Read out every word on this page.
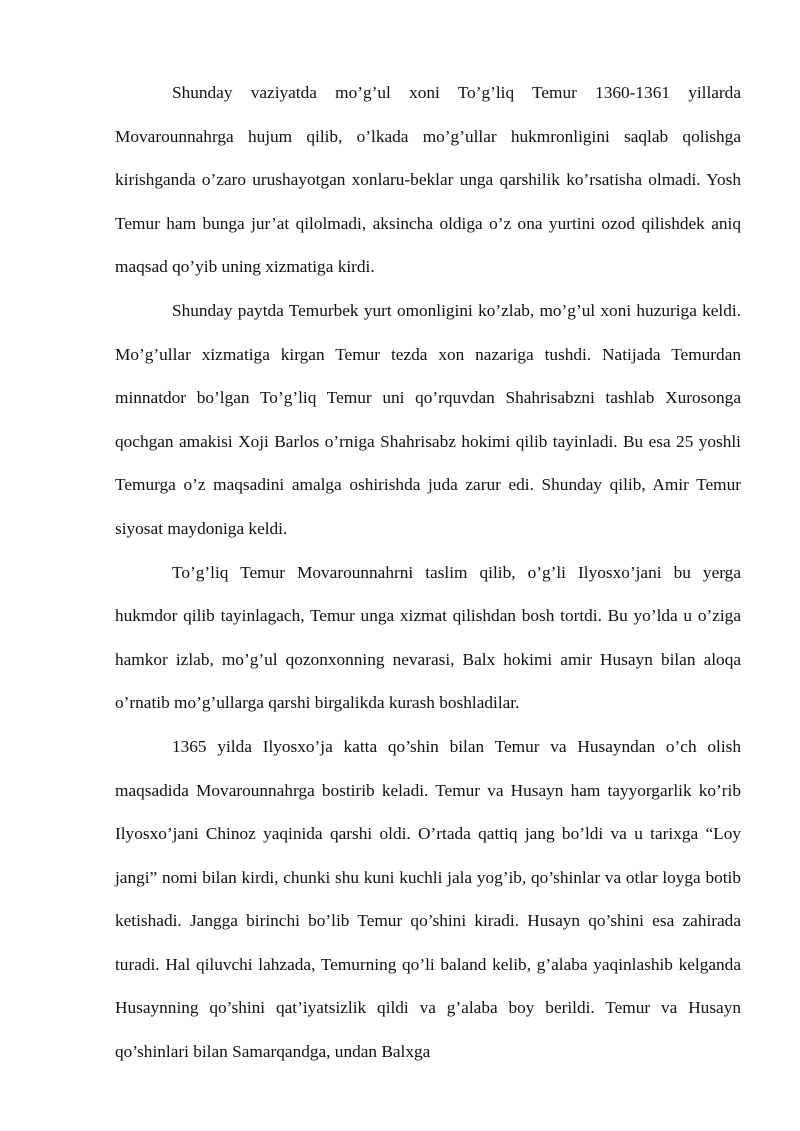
Shunday vaziyatda mo’g’ul xoni To’g’liq Temur 1360-1361 yillarda Movarounnahrga hujum qilib, o’lkada mo’g’ullar hukmronligini saqlab qolishga kirishganda o’zaro urushayotgan xonlaru-beklar unga qarshilik ko’rsatisha olmadi. Yosh Temur ham bunga jur’at qilolmadi, aksincha oldiga o’z ona yurtini ozod qilishdek aniq maqsad qo’yib uning xizmatiga kirdi.

Shunday paytda Temurbek yurt omonligini ko’zlab, mo’g’ul xoni huzuriga keldi. Mo’g’ullar xizmatiga kirgan Temur tezda xon nazariga tushdi. Natijada Temurdan minnatdor bo’lgan To’g’liq Temur uni qo’rquvdan Shahrisabzni tashlab Xurosonga qochgan amakisi Xoji Barlos o’rniga Shahrisabz hokimi qilib tayinladi. Bu esa 25 yoshli Temurga o’z maqsadini amalga oshirishda juda zarur edi. Shunday qilib, Amir Temur siyosat maydoniga keldi.

To’g’liq Temur Movarounnahrni taslim qilib, o’g’li Ilyosxo’jani bu yerga hukmdor qilib tayinlagach, Temur unga xizmat qilishdan bosh tortdi. Bu yo’lda u o’ziga hamkor izlab, mo’g’ul qozonxonning nevarasi, Balx hokimi amir Husayn bilan aloqa o’rnatib mo’g’ullarga qarshi birgalikda kurash boshladilar.

1365 yilda Ilyosxo’ja katta qo’shin bilan Temur va Husayndan o’ch olish maqsadida Movarounnahrga bostirib keladi. Temur va Husayn ham tayyorgarlik ko’rib Ilyosxo’jani Chinoz yaqinida qarshi oldi. O’rtada qattiq jang bo’ldi va u tarixga “Loy jangi” nomi bilan kirdi, chunki shu kuni kuchli jala yog’ib, qo’shinlar va otlar loyga botib ketishadi. Jangga birinchi bo’lib Temur qo’shini kiradi. Husayn qo’shini esa zahirada turadi. Hal qiluvchi lahzada, Temurning qo’li baland kelib, g’alaba yaqinlashib kelganda Husaynning qo’shini qat’iyatsizlik qildi va g’alaba boy berildi. Temur va Husayn qo’shinlari bilan Samarqandga, undan Balxga
